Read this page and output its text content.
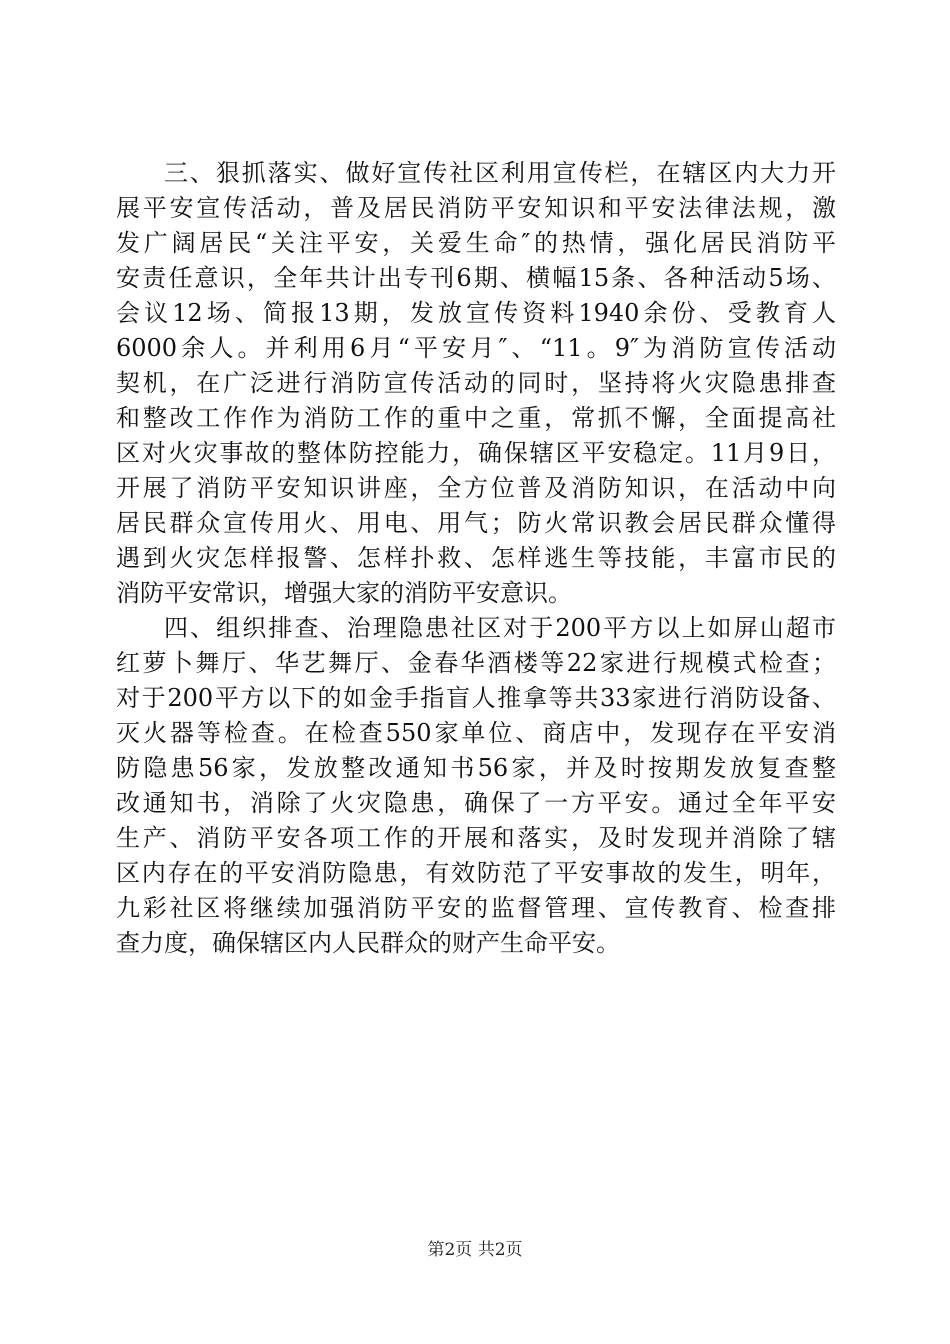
三、狠抓落实、做好宣传社区利用宣传栏，在辖区内大力开
展平安宣传活动，普及居民消防平安知识和平安法律法规，激
发广阔居民“关注平安，关爱生命″的热情，强化居民消防平
安责任意识，全年共计出专刊6期、横幅15条、各种活动5场、
会议12场、简报13期，发放宣传资料1940余份、受教育人
6000余人。并利用6月“平安月″、“11。9″为消防宣传活动
契机，在广泛进行消防宣传活动的同时，坚持将火灾隐患排查
和整改工作作为消防工作的重中之重，常抓不懈，全面提高社
区对火灾事故的整体防控能力，确保辖区平安稳定。11月9日，
开展了消防平安知识讲座，全方位普及消防知识，在活动中向
居民群众宣传用火、用电、用气；防火常识教会居民群众懂得
遇到火灾怎样报警、怎样扑救、怎样逃生等技能，丰富市民的
消防平安常识，增强大家的消防平安意识。
四、组织排查、治理隐患社区对于200平方以上如屏山超市
红萝卜舞厅、华艺舞厅、金春华酒楼等22家进行规模式检查；
对于200平方以下的如金手指盲人推拿等共33家进行消防设备、
灭火器等检查。在检查550家单位、商店中，发现存在平安消
防隐患56家，发放整改通知书56家，并及时按期发放复查整
改通知书，消除了火灾隐患，确保了一方平安。通过全年平安
生产、消防平安各项工作的开展和落实，及时发现并消除了辖
区内存在的平安消防隐患，有效防范了平安事故的发生，明年，
九彩社区将继续加强消防平安的监督管理、宣传教育、检查排
查力度，确保辖区内人民群众的财产生命平安。
第2页 共2页
